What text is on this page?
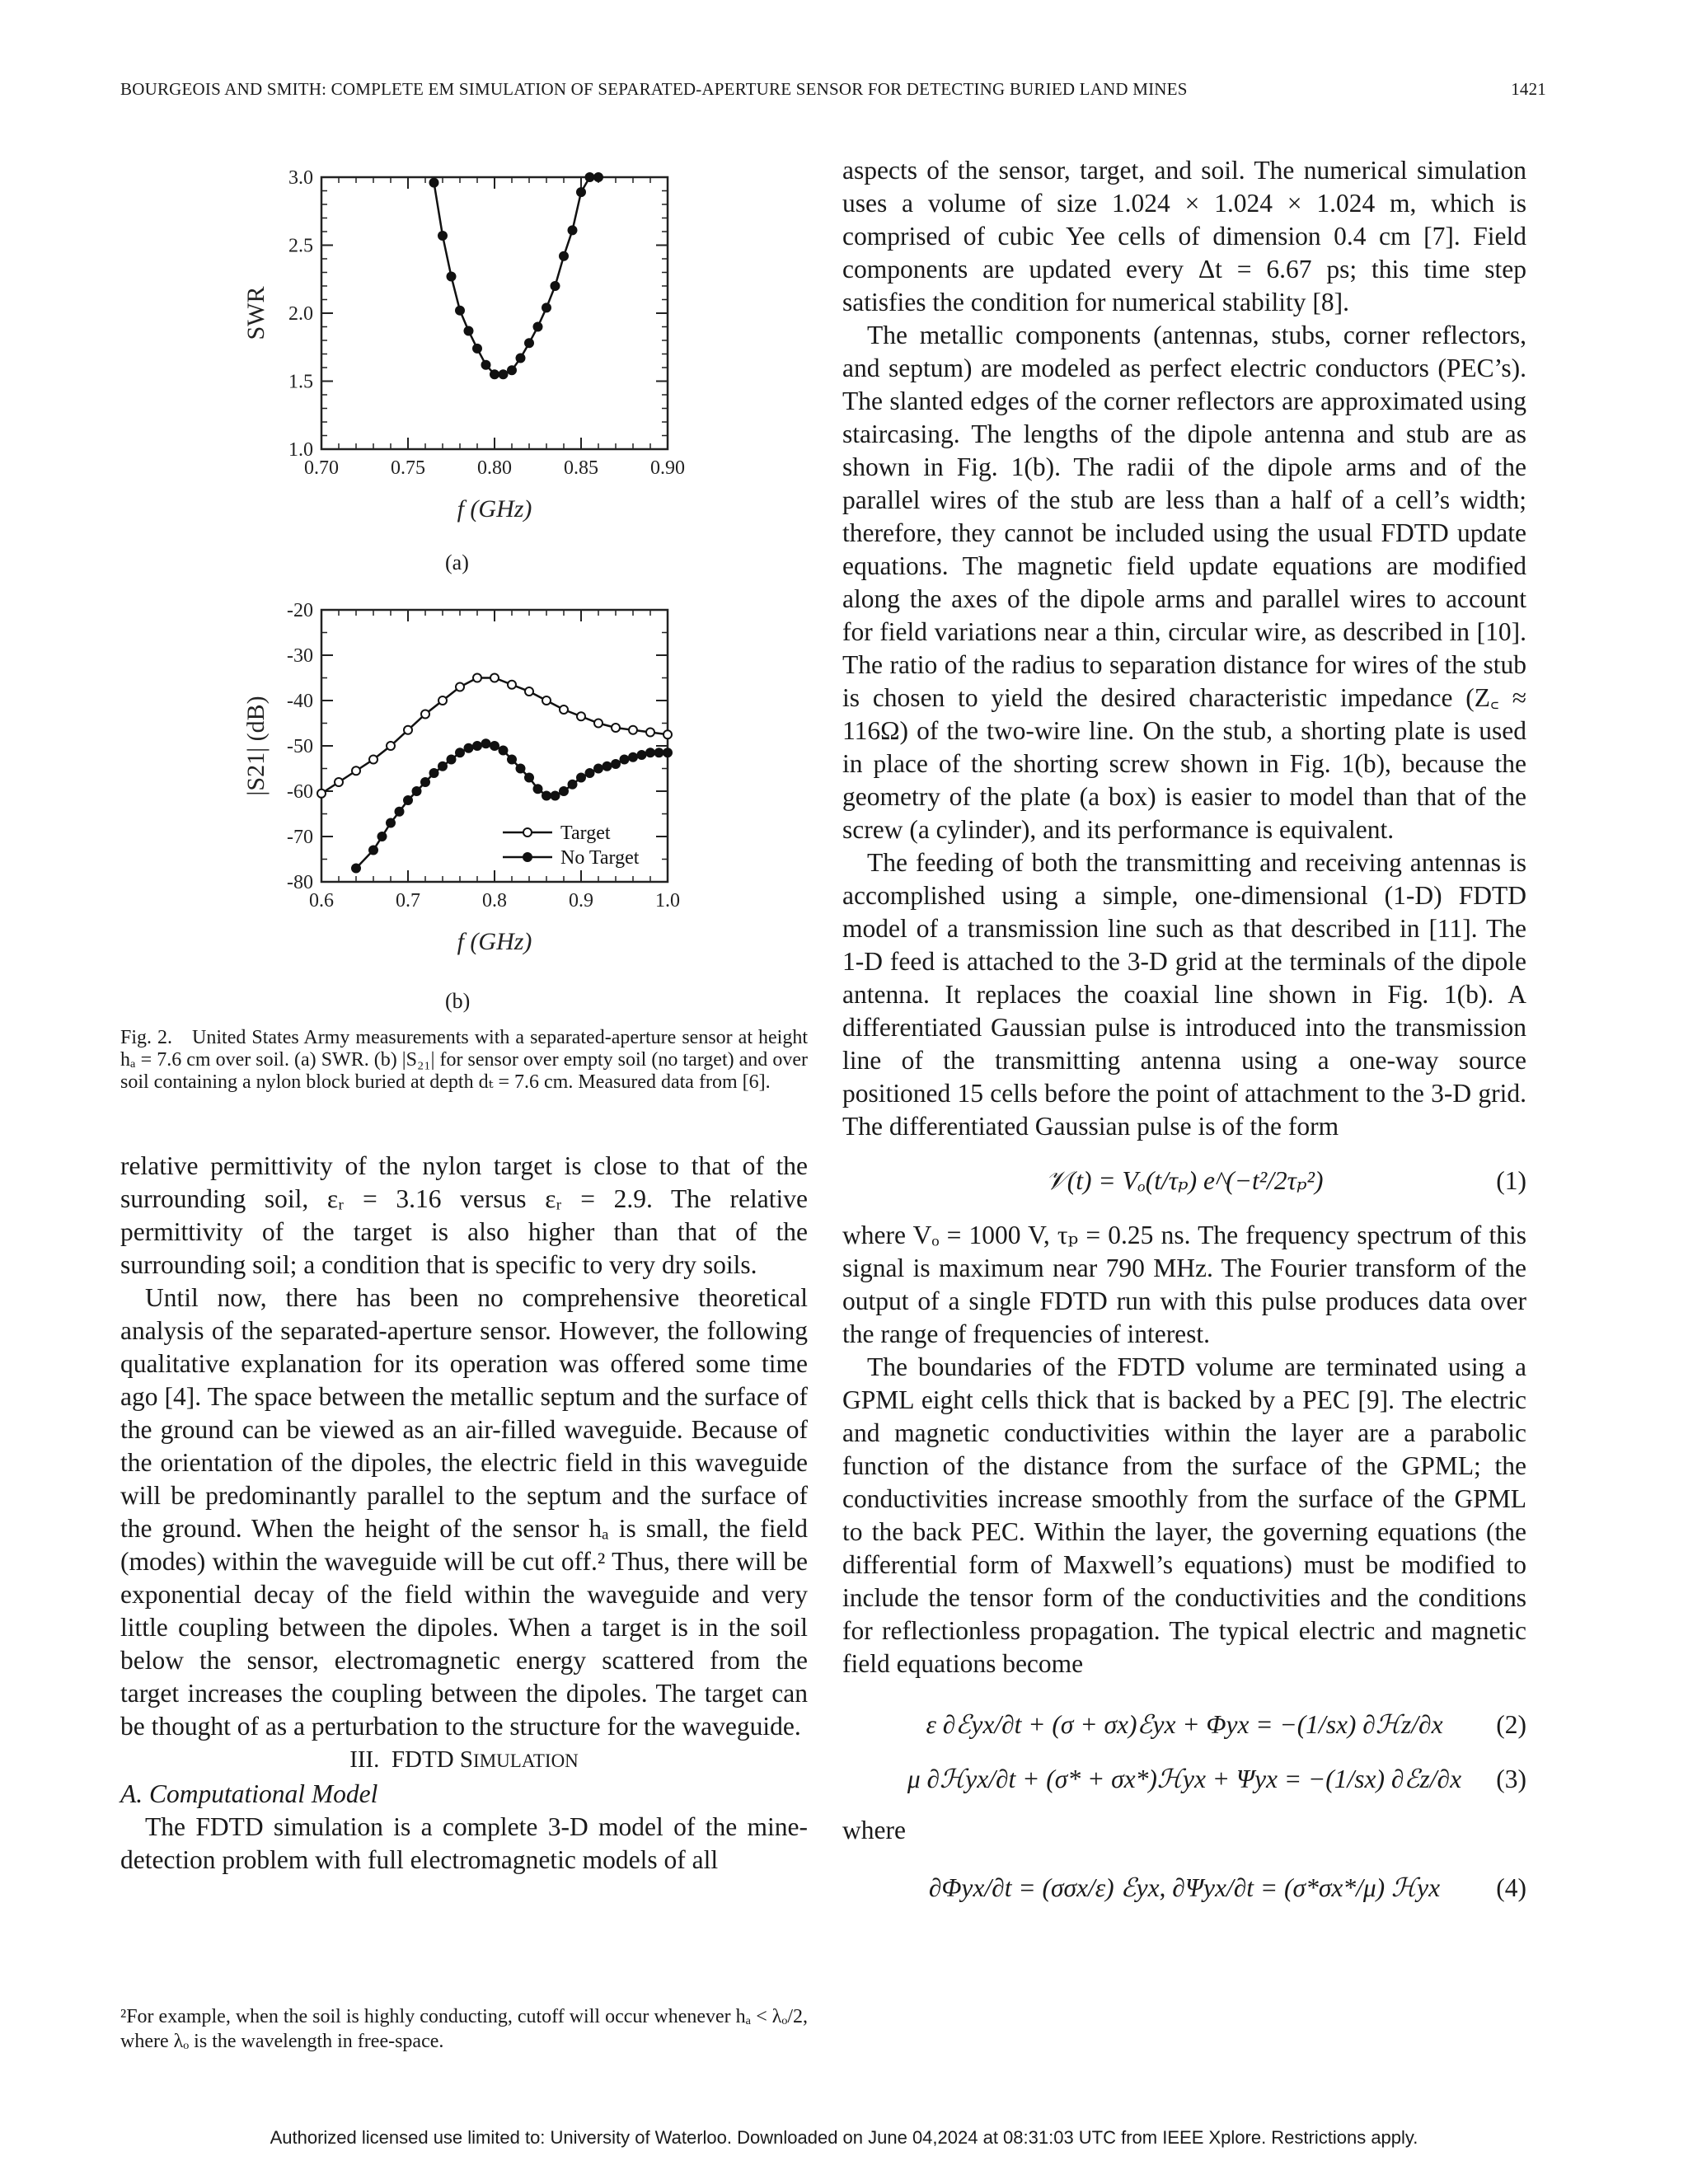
BOURGEOIS AND SMITH: COMPLETE EM SIMULATION OF SEPARATED-APERTURE SENSOR FOR DETECTING BURIED LAND MINES	1421
0.70	0.75	0.80	0.85	0.90
1.0
1.5
2.0
2.5
3.0
f (GHz)
SWR
(a)
0.6	0.7	0.8	0.9	1.0
-20
-30
-40
-50
-60
-70
-80
f (GHz)
|S21| (dB)
Target
No Target
(b)
Fig. 2. United States Army measurements with a separated-aperture sensor at height hₐ = 7.6 cm over soil. (a) SWR. (b) |S₂₁| for sensor over empty soil (no target) and over soil containing a nylon block buried at depth dₜ = 7.6 cm. Measured data from [6].

relative permittivity of the nylon target is close to that of the surrounding soil, εᵣ = 3.16 versus εᵣ = 2.9. The relative permittivity of the target is also higher than that of the surrounding soil; a condition that is specific to very dry soils.

Until now, there has been no comprehensive theoretical analysis of the separated-aperture sensor. However, the following qualitative explanation for its operation was offered some time ago [4]. The space between the metallic septum and the surface of the ground can be viewed as an air-filled waveguide. Because of the orientation of the dipoles, the electric field in this waveguide will be predominantly parallel to the septum and the surface of the ground. When the height of the sensor hₐ is small, the field (modes) within the waveguide will be cut off.² Thus, there will be exponential decay of the field within the waveguide and very little coupling between the dipoles. When a target is in the soil below the sensor, electromagnetic energy scattered from the target increases the coupling between the dipoles. The target can be thought of as a perturbation to the structure for the waveguide.

III. FDTD SIMULATION

A. Computational Model

The FDTD simulation is a complete 3-D model of the mine-detection problem with full electromagnetic models of all

²For example, when the soil is highly conducting, cutoff will occur whenever hₐ < λₒ/2, where λₒ is the wavelength in free-space.

aspects of the sensor, target, and soil. The numerical simulation uses a volume of size 1.024 × 1.024 × 1.024 m, which is comprised of cubic Yee cells of dimension 0.4 cm [7]. Field components are updated every Δt = 6.67 ps; this time step satisfies the condition for numerical stability [8].

The metallic components (antennas, stubs, corner reflectors, and septum) are modeled as perfect electric conductors (PEC’s). The slanted edges of the corner reflectors are approximated using staircasing. The lengths of the dipole antenna and stub are as shown in Fig. 1(b). The radii of the dipole arms and of the parallel wires of the stub are less than a half of a cell’s width; therefore, they cannot be included using the usual FDTD update equations. The magnetic field update equations are modified along the axes of the dipole arms and parallel wires to account for field variations near a thin, circular wire, as described in [10]. The ratio of the radius to separation distance for wires of the stub is chosen to yield the desired characteristic impedance (Z꜀ ≈ 116Ω) of the two-wire line. On the stub, a shorting plate is used in place of the shorting screw shown in Fig. 1(b), because the geometry of the plate (a box) is easier to model than that of the screw (a cylinder), and its performance is equivalent.

The feeding of both the transmitting and receiving antennas is accomplished using a simple, one-dimensional (1-D) FDTD model of a transmission line such as that described in [11]. The 1-D feed is attached to the 3-D grid at the terminals of the dipole antenna. It replaces the coaxial line shown in Fig. 1(b). A differentiated Gaussian pulse is introduced into the transmission line of the transmitting antenna using a one-way source positioned 15 cells before the point of attachment to the 3-D grid. The differentiated Gaussian pulse is of the form

𝒱(t) = Vₒ(t/τₚ) e^(−t²/2τₚ²)	(1)

where Vₒ = 1000 V, τₚ = 0.25 ns. The frequency spectrum of this signal is maximum near 790 MHz. The Fourier transform of the output of a single FDTD run with this pulse produces data over the range of frequencies of interest.

The boundaries of the FDTD volume are terminated using a GPML eight cells thick that is backed by a PEC [9]. The electric and magnetic conductivities within the layer are a parabolic function of the distance from the surface of the GPML; the conductivities increase smoothly from the surface of the GPML to the back PEC. Within the layer, the governing equations (the differential form of Maxwell’s equations) must be modified to include the tensor form of the conductivities and the conditions for reflectionless propagation. The typical electric and magnetic field equations become

ε ∂ℰyx/∂t + (σ + σx)ℰyx + Φyx = −(1/sx) ∂ℋz/∂x (2)

μ ∂ℋyx/∂t + (σ* + σx*)ℋyx + Ψyx = −(1/sx) ∂ℰz/∂x (3)

where

∂Φyx/∂t = (σσx/ε) ℰyx, ∂Ψyx/∂t = (σ*σx*/μ) ℋyx (4)

Authorized licensed use limited to: University of Waterloo. Downloaded on June 04,2024 at 08:31:03 UTC from IEEE Xplore. Restrictions apply.
